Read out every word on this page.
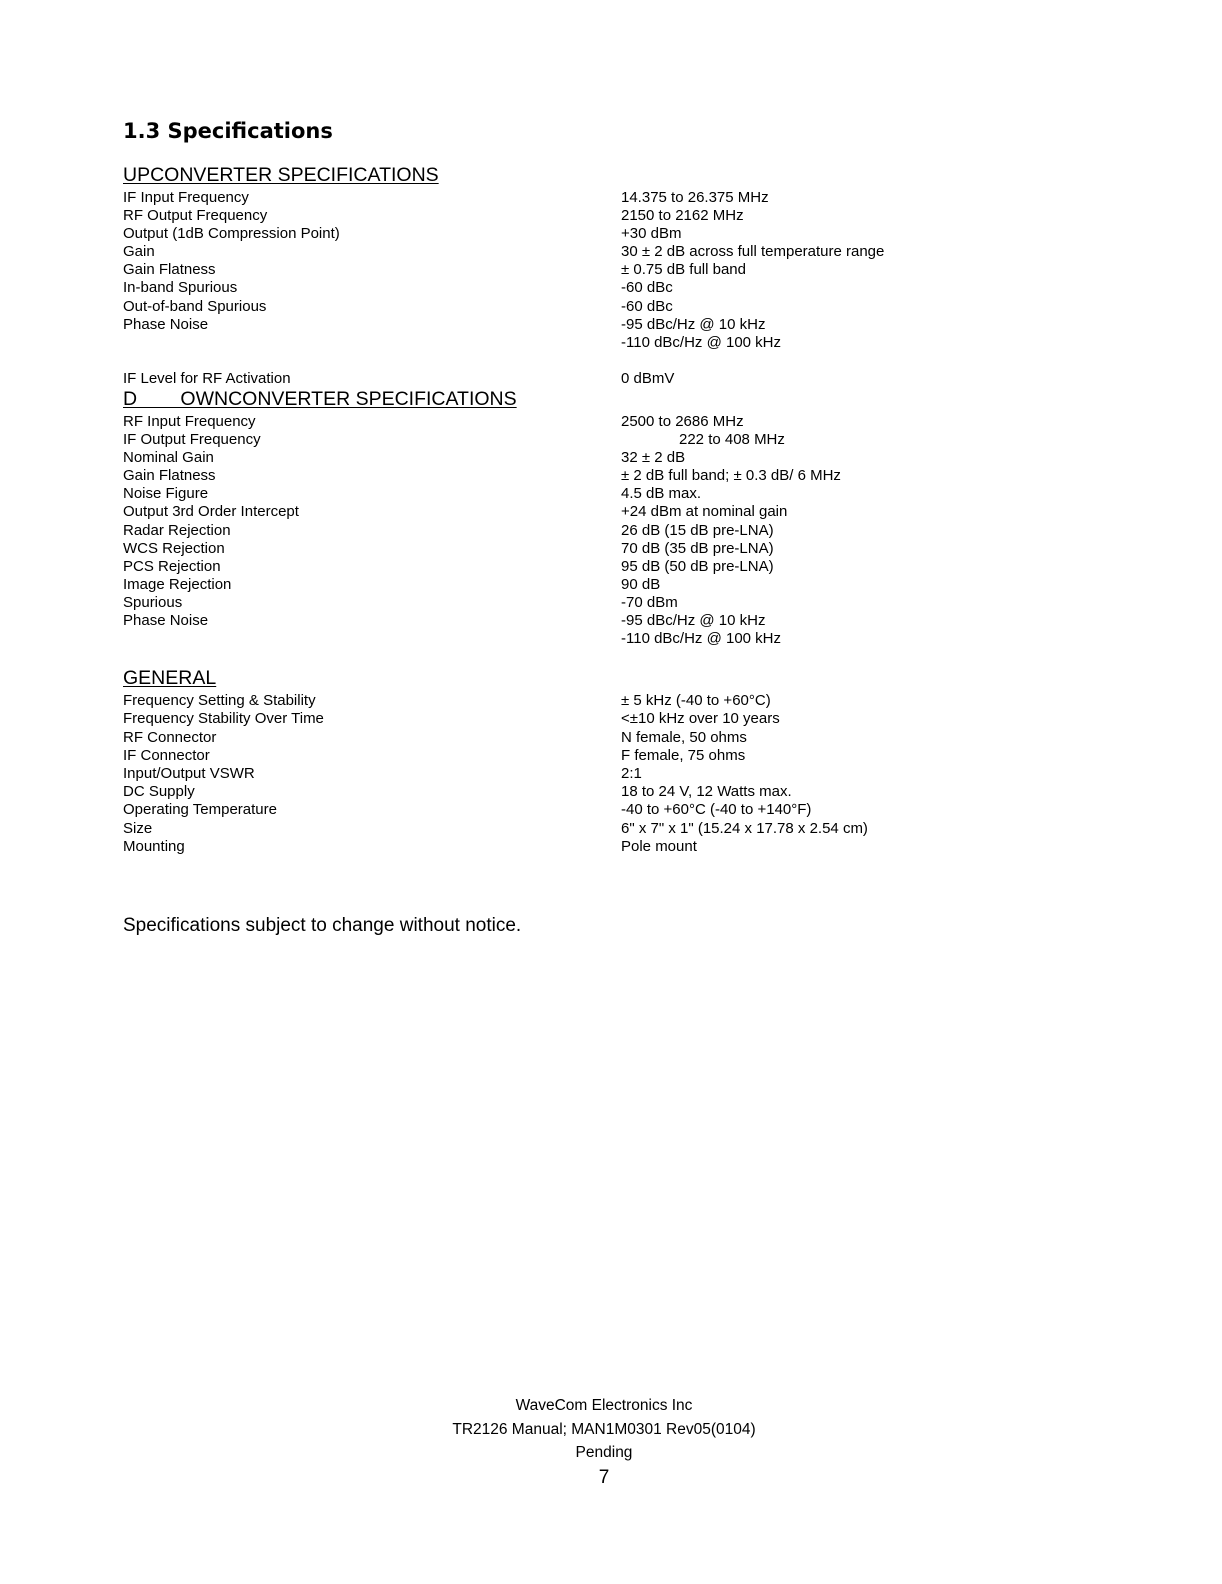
1.3 Specifications
UPCONVERTER SPECIFICATIONS
IF Input Frequency	14.375 to 26.375 MHz
RF Output Frequency	2150 to 2162 MHz
Output (1dB Compression Point)	+30 dBm
Gain	30 ± 2 dB across full temperature range
Gain Flatness	± 0.75 dB full band
In-band Spurious	-60 dBc
Out-of-band Spurious	-60 dBc
Phase Noise	-95 dBc/Hz @ 10 kHz
-110 dBc/Hz @ 100 kHz
IF Level for RF Activation	0 dBmV
D        OWNCONVERTER SPECIFICATIONS
RF Input Frequency	2500 to 2686 MHz
IF Output Frequency	222 to 408 MHz
Nominal Gain	32 ± 2 dB
Gain Flatness	± 2 dB full band; ± 0.3 dB/ 6 MHz
Noise Figure	4.5 dB max.
Output 3rd Order Intercept	+24 dBm at nominal gain
Radar Rejection	26 dB (15 dB pre-LNA)
WCS Rejection	70 dB (35 dB pre-LNA)
PCS Rejection	95 dB (50 dB pre-LNA)
Image Rejection	90 dB
Spurious	-70 dBm
Phase Noise	-95 dBc/Hz @ 10 kHz
-110 dBc/Hz @ 100 kHz
GENERAL
Frequency Setting & Stability	± 5 kHz (-40 to +60°C)
Frequency Stability Over Time	<±10 kHz over 10 years
RF Connector	N female, 50 ohms
IF Connector	F female, 75 ohms
Input/Output VSWR	2:1
DC Supply	18 to 24 V, 12 Watts max.
Operating Temperature	-40 to +60°C (-40 to +140°F)
Size	6" x 7" x 1" (15.24 x 17.78 x 2.54 cm)
Mounting	Pole mount
Specifications subject to change without notice.
WaveCom Electronics Inc
TR2126 Manual; MAN1M0301 Rev05(0104)
Pending
7
